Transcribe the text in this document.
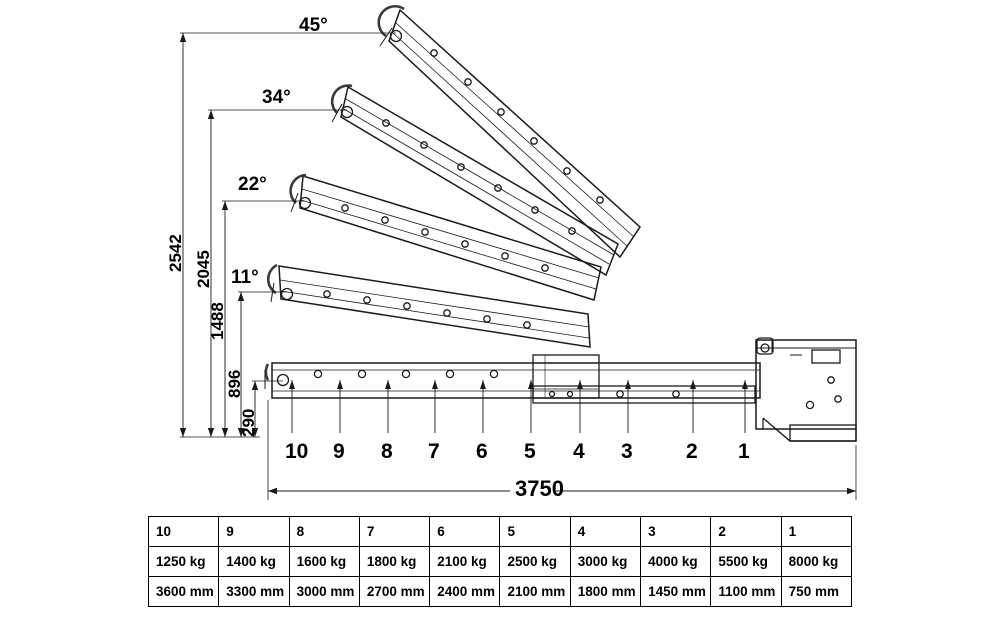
45°
34°
22°
11°
2542 2045
1488
896
290
10 9 8 7 6 5 4 3	2 1
3750
10	9	8	7	6	5	4	3	2	1
1250 kg	1400 kg	1600 kg	1800 kg	2100 kg	2500 kg	3000 kg	4000 kg	5500 kg	8000 kg
3600 mm	3300 mm	3000 mm	2700 mm	2400 mm	2100 mm	1800 mm	1450 mm	1100 mm	750 mm
